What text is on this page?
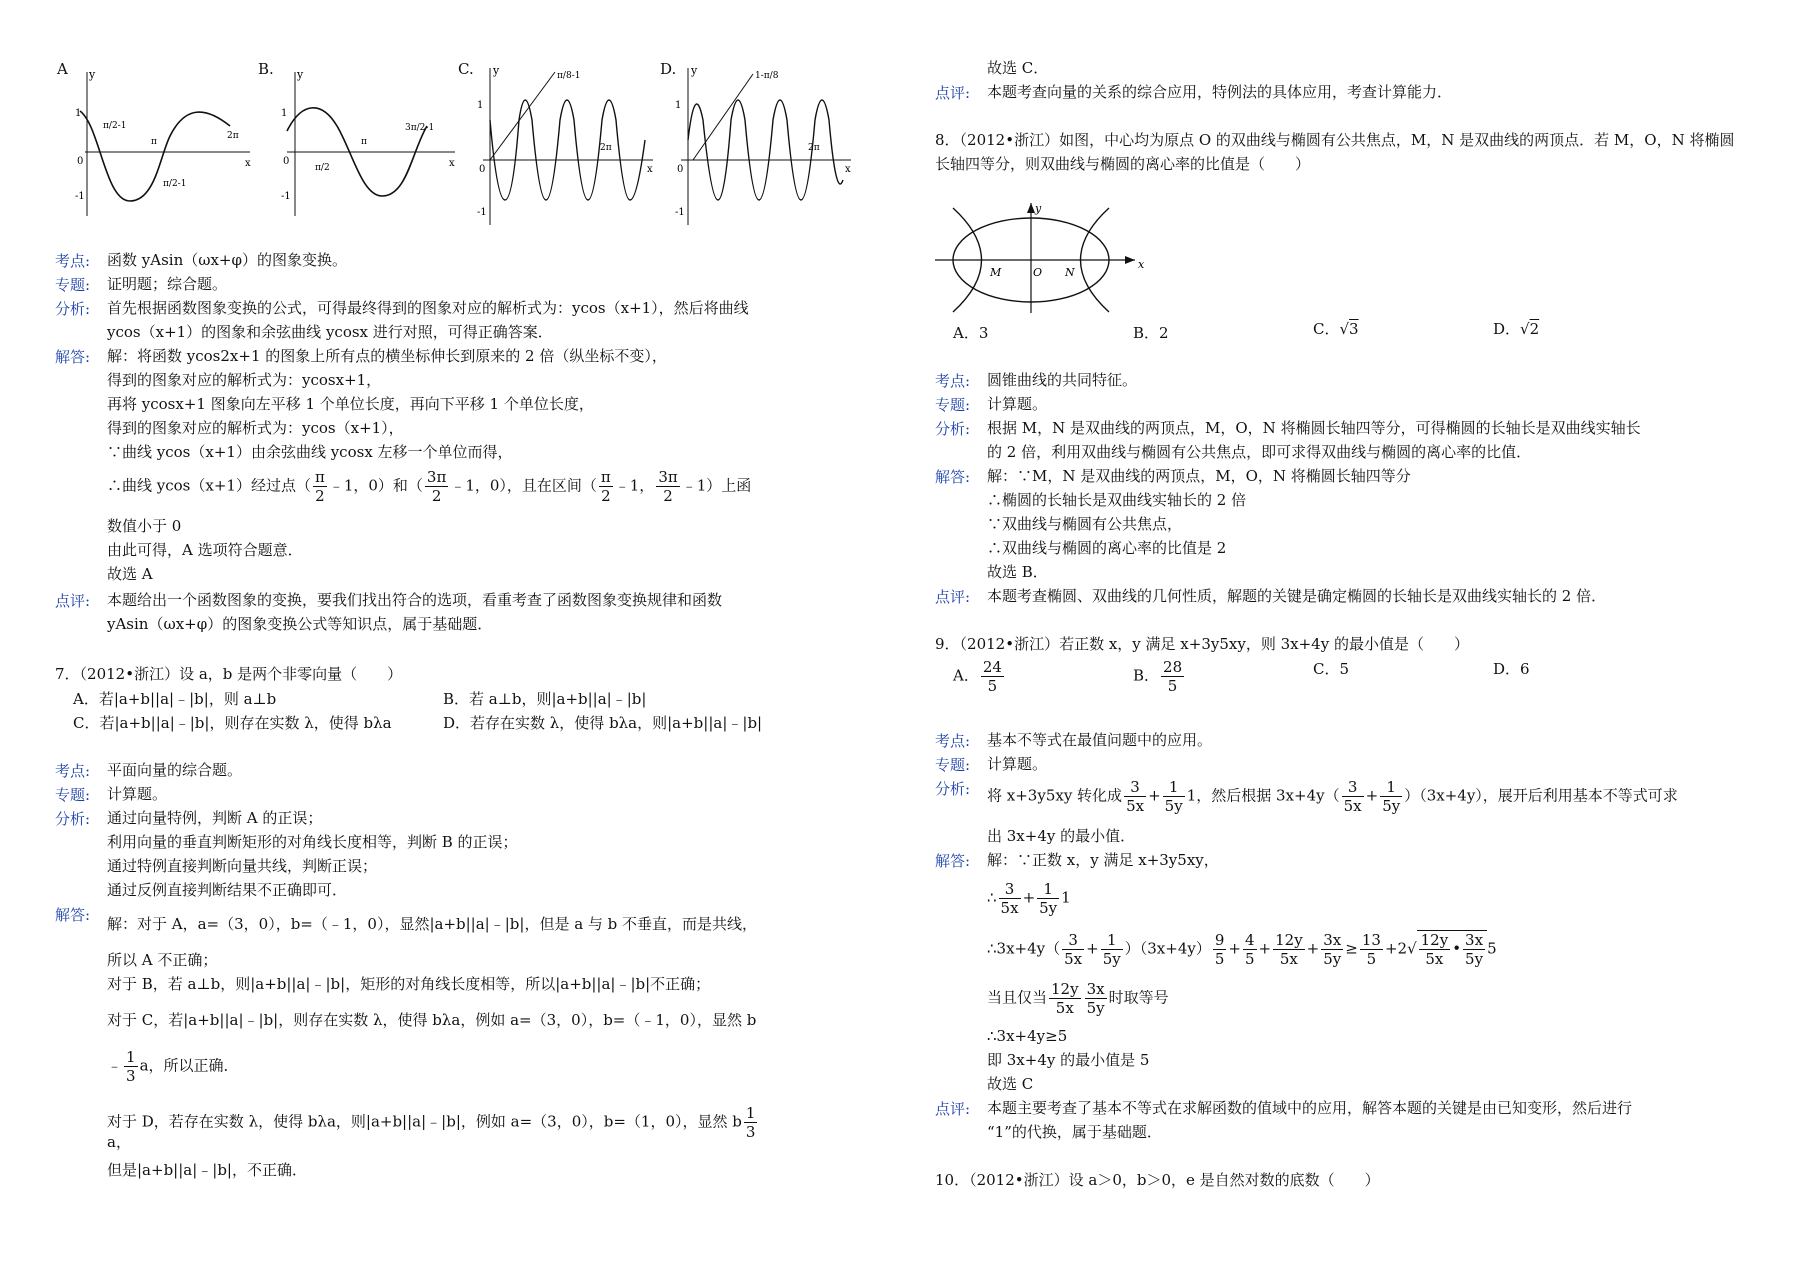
A	B.	C.	D.
1
-1
0
y
x
π/2-1
π/2-1
π
2π
1
-1
0
y
x
π/2
3π/2-1
π
1
-1
0
y
x
π/8-1
2π
1
-1
0
y
x
1-π/8
2π
考点: 函数 yAsin（ωx+φ）的图象变换。
专题: 证明题；综合题。
分析: 首先根据函数图象变换的公式，可得最终得到的图象对应的解析式为：ycos（x+1），然后将曲线
ycos（x+1）的图象和余弦曲线 ycosx 进行对照，可得正确答案．
解答: 解：将函数 ycos2x+1 的图象上所有点的横坐标伸长到原来的 2 倍（纵坐标不变），
得到的图象对应的解析式为：ycosx+1，
再将 ycosx+1 图象向左平移 1 个单位长度，再向下平移 1 个单位长度，
得到的图象对应的解析式为：ycos（x+1），
∵曲线 ycos（x+1）由余弦曲线 ycosx 左移一个单位而得，
∴曲线 ycos（x+1）经过点（ $\frac{\pi}{2}$ ﹣1，0）和（ $\frac{3\pi}{2}$ ﹣1，0），且在区间（ $\frac{\pi}{2}$ ﹣1， $\frac{3\pi}{2}$ ﹣1）上函
数值小于 0
由此可得，A 选项符合题意．
故选 A
点评: 本题给出一个函数图象的变换，要我们找出符合的选项，看重考查了函数图象变换规律和函数
yAsin（ωx+φ）的图象变换公式等知识点，属于基础题．
7．（2012•浙江）设 a，b 是两个非零向量（　　）
A．若|a+b||a|﹣|b|，则 a⊥b	B．若 a⊥b，则|a+b||a|﹣|b|
C．若|a+b||a|﹣|b|，则存在实数 λ，使得 bλa	D．若存在实数 λ，使得 bλa，则|a+b||a|﹣|b|
考点: 平面向量的综合题。
专题: 计算题。
分析: 通过向量特例，判断 A 的正误；
利用向量的垂直判断矩形的对角线长度相等，判断 B 的正误；
通过特例直接判断向量共线，判断正误；
通过反例直接判断结果不正确即可．
解答: 解：对于 A，a=（3，0），b=（﹣1，0），显然|a+b||a|﹣|b|，但是 a 与 b 不垂直，而是共线，
所以 A 不正确；
对于 B，若 a⊥b，则|a+b||a|﹣|b|，矩形的对角线长度相等，所以|a+b||a|﹣|b|不正确；
对于 C，若|a+b||a|﹣|b|，则存在实数 λ，使得 bλa，例如 a=（3，0），b=（﹣1，0），显然 b
﹣ $\frac{1}{3}$ a，所以正确．
对于 D，若存在实数 λ，使得 bλa，则|a+b||a|﹣|b|，例如 a=（3，0），b=（1，0），显然 b $\frac{1}{3}$
a，
但是|a+b||a|﹣|b|，不正确．
故选 C．
点评: 本题考查向量的关系的综合应用，特例法的具体应用，考查计算能力．
8．（2012•浙江）如图，中心均为原点 O 的双曲线与椭圆有公共焦点，M，N 是双曲线的两顶点．若 M，O，N 将椭圆
长轴四等分，则双曲线与椭圆的离心率的比值是（　　）
y
x
M	O N
A．3	B．2	C．√3	D．√2
考点: 圆锥曲线的共同特征。
专题: 计算题。
分析: 根据 M，N 是双曲线的两顶点，M，O，N 将椭圆长轴四等分，可得椭圆的长轴长是双曲线实轴长
的 2 倍，利用双曲线与椭圆有公共焦点，即可求得双曲线与椭圆的离心率的比值．
解答: 解：∵M，N 是双曲线的两顶点，M，O，N 将椭圆长轴四等分
∴椭圆的长轴长是双曲线实轴长的 2 倍
∵双曲线与椭圆有公共焦点，
∴双曲线与椭圆的离心率的比值是 2
故选 B．
点评: 本题考查椭圆、双曲线的几何性质，解题的关键是确定椭圆的长轴长是双曲线实轴长的 2 倍．
9．（2012•浙江）若正数 x，y 满足 x+3y5xy，则 3x+4y 的最小值是（　　）
A． $\frac{24}{5}$	B． $\frac{28}{5}$	C．5	D．6
考点: 基本不等式在最值问题中的应用。
专题: 计算题。
分析: 将 x+3y5xy 转化成 $\frac{3}{5x} + \frac{1}{5y} 1$，然后根据 $3x+4y( \frac{3}{5x} + \frac{1}{5y} )(3x+4y)$，展开后利用基本不等式可求
出 3x+4y 的最小值．
解答: 解：∵正数 x，y 满足 x+3y5xy，
∴ $\frac{3}{5x} + \frac{1}{5y} 1$
∴3x+4y（ $\frac{3}{5x} + \frac{1}{5y} )(3x+4y) \frac{9}{5} + \frac{4}{5} + \frac{12y}{5x} + \frac{3x}{5y} \ge \frac{13}{5} +2√ \frac{12y}{5x}$ • $\frac{3x}{5y} 5$
当且仅当 $\frac{12y}{5x} \frac{3x}{5y}$ 时取等号
∴3x+4y≥5
即 3x+4y 的最小值是 5
故选 C
点评: 本题主要考查了基本不等式在求解函数的值域中的应用，解答本题的关键是由已知变形，然后进行
“1”的代换，属于基础题．
10．（2012•浙江）设 a＞0，b＞0，e 是自然对数的底数（　　）
